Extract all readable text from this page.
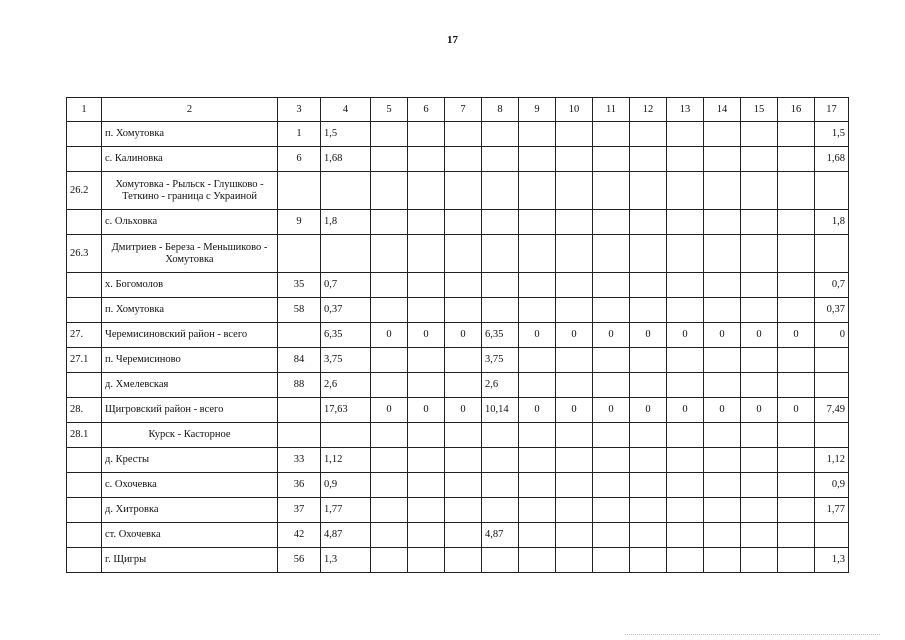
17
1	2	3	4	5	6	7	8	9	10	11	12	13	14	15	16	17
	п. Хомутовка	1	1,5													1,5
	с. Калиновка	6	1,68													1,68
26.2	Хомутовка - Рыльск - Глушково - Теткино - граница с Украиной															
	с. Ольховка	9	1,8													1,8
26.3	Дмитриев - Береза - Меньшиково - Хомутовка															
	х. Богомолов	35	0,7													0,7
	п. Хомутовка	58	0,37													0,37
27.	Черемисиновский район - всего		6,35	0	0	0	6,35	0	0	0	0	0	0	0	0	0
27.1	п. Черемисиново	84	3,75				3,75									
	д. Хмелевская	88	2,6				2,6									
28.	Щигровский район - всего		17,63	0	0	0	10,14	0	0	0	0	0	0	0	0	7,49
28.1	Курск - Касторное															
	д. Кресты	33	1,12													1,12
	с. Охочевка	36	0,9													0,9
	д. Хитровка	37	1,77													1,77
	ст. Охочевка	42	4,87				4,87									
	г. Щигры	56	1,3													1,3
